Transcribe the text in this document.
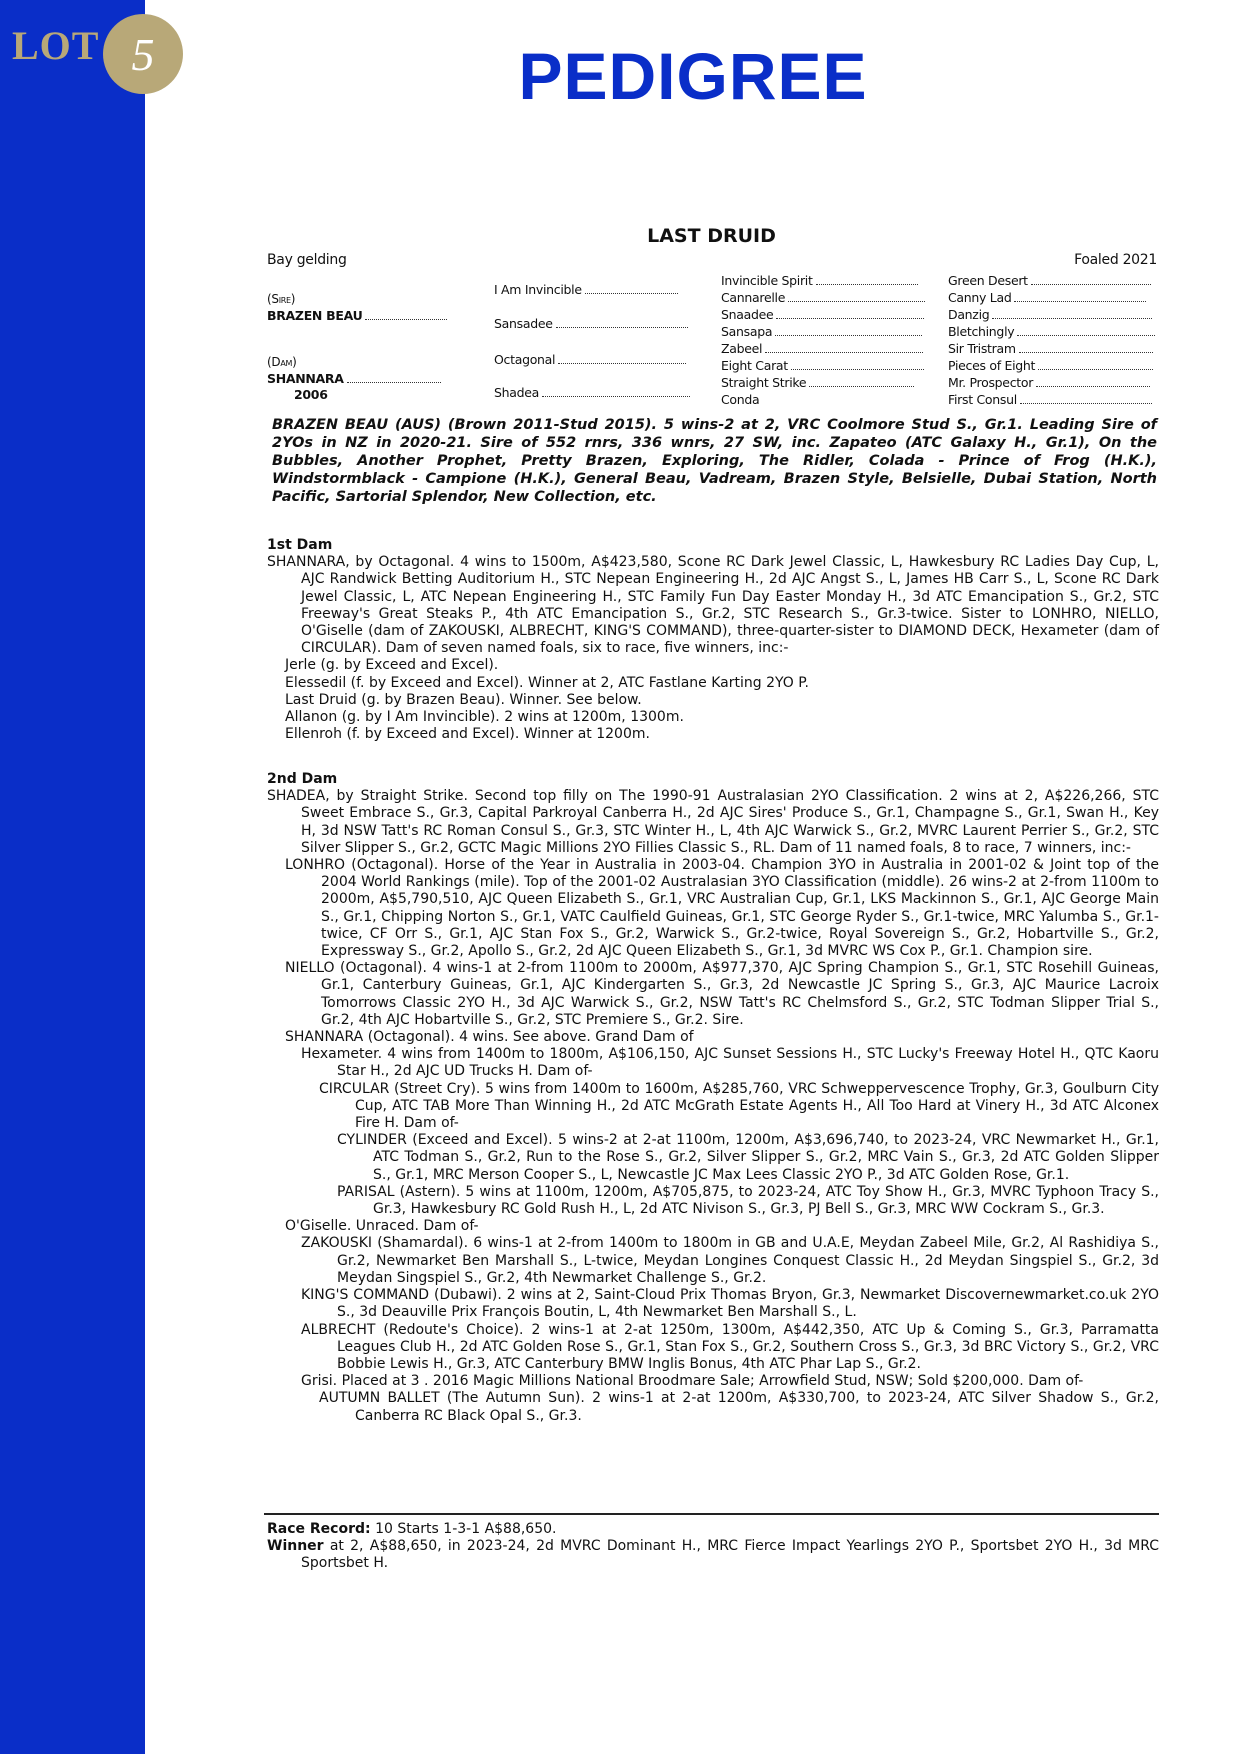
LOT 5	PEDIGREE
LAST DRUID
Bay gelding	Foaled 2021
(Sire)
BRAZEN BEAU
(Dam)
SHANNARA
2006
I Am Invincible
Sansadee
Octagonal
Shadea
Invincible Spirit
Cannarelle
Snaadee
Sansapa
Zabeel
Eight Carat
Straight Strike
Conda
Green Desert
Canny Lad
Danzig
Bletchingly
Sir Tristram
Pieces of Eight
Mr. Prospector
First Consul
BRAZEN BEAU (AUS) (Brown 2011-Stud 2015). 5 wins-2 at 2, VRC Coolmore Stud S., Gr.1. Leading Sire of 2YOs in NZ in 2020-21. Sire of 552 rnrs, 336 wnrs, 27 SW, inc. Zapateo (ATC Galaxy H., Gr.1), On the Bubbles, Another Prophet, Pretty Brazen, Exploring, The Ridler, Colada - Prince of Frog (H.K.), Windstormblack - Campione (H.K.), General Beau, Vadream, Brazen Style, Belsielle, Dubai Station, North Pacific, Sartorial Splendor, New Collection, etc.
1st Dam
SHANNARA, by Octagonal. 4 wins to 1500m, A$423,580, Scone RC Dark Jewel Classic, L, Hawkesbury RC Ladies Day Cup, L, AJC Randwick Betting Auditorium H., STC Nepean Engineering H., 2d AJC Angst S., L, James HB Carr S., L, Scone RC Dark Jewel Classic, L, ATC Nepean Engineering H., STC Family Fun Day Easter Monday H., 3d ATC Emancipation S., Gr.2, STC Freeway's Great Steaks P., 4th ATC Emancipation S., Gr.2, STC Research S., Gr.3-twice. Sister to LONHRO, NIELLO, O'Giselle (dam of ZAKOUSKI, ALBRECHT, KING'S COMMAND), three-quarter-sister to DIAMOND DECK, Hexameter (dam of CIRCULAR). Dam of seven named foals, six to race, five winners, inc:-
Jerle (g. by Exceed and Excel).
Elessedil (f. by Exceed and Excel). Winner at 2, ATC Fastlane Karting 2YO P.
Last Druid (g. by Brazen Beau). Winner. See below.
Allanon (g. by I Am Invincible). 2 wins at 1200m, 1300m.
Ellenroh (f. by Exceed and Excel). Winner at 1200m.
2nd Dam
SHADEA, by Straight Strike. Second top filly on The 1990-91 Australasian 2YO Classification. 2 wins at 2, A$226,266, STC Sweet Embrace S., Gr.3, Capital Parkroyal Canberra H., 2d AJC Sires' Produce S., Gr.1, Champagne S., Gr.1, Swan H., Key H, 3d NSW Tatt's RC Roman Consul S., Gr.3, STC Winter H., L, 4th AJC Warwick S., Gr.2, MVRC Laurent Perrier S., Gr.2, STC Silver Slipper S., Gr.2, GCTC Magic Millions 2YO Fillies Classic S., RL. Dam of 11 named foals, 8 to race, 7 winners, inc:-
LONHRO (Octagonal). Horse of the Year in Australia in 2003-04. Champion 3YO in Australia in 2001-02 & Joint top of the 2004 World Rankings (mile). Top of the 2001-02 Australasian 3YO Classification (middle). 26 wins-2 at 2-from 1100m to 2000m, A$5,790,510, AJC Queen Elizabeth S., Gr.1, VRC Australian Cup, Gr.1, LKS Mackinnon S., Gr.1, AJC George Main S., Gr.1, Chipping Norton S., Gr.1, VATC Caulfield Guineas, Gr.1, STC George Ryder S., Gr.1-twice, MRC Yalumba S., Gr.1-twice, CF Orr S., Gr.1, AJC Stan Fox S., Gr.2, Warwick S., Gr.2-twice, Royal Sovereign S., Gr.2, Hobartville S., Gr.2, Expressway S., Gr.2, Apollo S., Gr.2, 2d AJC Queen Elizabeth S., Gr.1, 3d MVRC WS Cox P., Gr.1. Champion sire.
NIELLO (Octagonal). 4 wins-1 at 2-from 1100m to 2000m, A$977,370, AJC Spring Champion S., Gr.1, STC Rosehill Guineas, Gr.1, Canterbury Guineas, Gr.1, AJC Kindergarten S., Gr.3, 2d Newcastle JC Spring S., Gr.3, AJC Maurice Lacroix Tomorrows Classic 2YO H., 3d AJC Warwick S., Gr.2, NSW Tatt's RC Chelmsford S., Gr.2, STC Todman Slipper Trial S., Gr.2, 4th AJC Hobartville S., Gr.2, STC Premiere S., Gr.2. Sire.
SHANNARA (Octagonal). 4 wins. See above. Grand Dam of
Hexameter. 4 wins from 1400m to 1800m, A$106,150, AJC Sunset Sessions H., STC Lucky's Freeway Hotel H., QTC Kaoru Star H., 2d AJC UD Trucks H. Dam of-
CIRCULAR (Street Cry). 5 wins from 1400m to 1600m, A$285,760, VRC Schweppervescence Trophy, Gr.3, Goulburn City Cup, ATC TAB More Than Winning H., 2d ATC McGrath Estate Agents H., All Too Hard at Vinery H., 3d ATC Alconex Fire H. Dam of-
CYLINDER (Exceed and Excel). 5 wins-2 at 2-at 1100m, 1200m, A$3,696,740, to 2023-24, VRC Newmarket H., Gr.1, ATC Todman S., Gr.2, Run to the Rose S., Gr.2, Silver Slipper S., Gr.2, MRC Vain S., Gr.3, 2d ATC Golden Slipper S., Gr.1, MRC Merson Cooper S., L, Newcastle JC Max Lees Classic 2YO P., 3d ATC Golden Rose, Gr.1.
PARISAL (Astern). 5 wins at 1100m, 1200m, A$705,875, to 2023-24, ATC Toy Show H., Gr.3, MVRC Typhoon Tracy S., Gr.3, Hawkesbury RC Gold Rush H., L, 2d ATC Nivison S., Gr.3, PJ Bell S., Gr.3, MRC WW Cockram S., Gr.3.
O'Giselle. Unraced. Dam of-
ZAKOUSKI (Shamardal). 6 wins-1 at 2-from 1400m to 1800m in GB and U.A.E, Meydan Zabeel Mile, Gr.2, Al Rashidiya S., Gr.2, Newmarket Ben Marshall S., L-twice, Meydan Longines Conquest Classic H., 2d Meydan Singspiel S., Gr.2, 3d Meydan Singspiel S., Gr.2, 4th Newmarket Challenge S., Gr.2.
KING'S COMMAND (Dubawi). 2 wins at 2, Saint-Cloud Prix Thomas Bryon, Gr.3, Newmarket Discovernewmarket.co.uk 2YO S., 3d Deauville Prix François Boutin, L, 4th Newmarket Ben Marshall S., L.
ALBRECHT (Redoute's Choice). 2 wins-1 at 2-at 1250m, 1300m, A$442,350, ATC Up & Coming S., Gr.3, Parramatta Leagues Club H., 2d ATC Golden Rose S., Gr.1, Stan Fox S., Gr.2, Southern Cross S., Gr.3, 3d BRC Victory S., Gr.2, VRC Bobbie Lewis H., Gr.3, ATC Canterbury BMW Inglis Bonus, 4th ATC Phar Lap S., Gr.2.
Grisi. Placed at 3 . 2016 Magic Millions National Broodmare Sale; Arrowfield Stud, NSW; Sold $200,000. Dam of-
AUTUMN BALLET (The Autumn Sun). 2 wins-1 at 2-at 1200m, A$330,700, to 2023-24, ATC Silver Shadow S., Gr.2, Canberra RC Black Opal S., Gr.3.
Race Record: 10 Starts 1-3-1 A$88,650.
Winner at 2, A$88,650, in 2023-24, 2d MVRC Dominant H., MRC Fierce Impact Yearlings 2YO P., Sportsbet 2YO H., 3d MRC Sportsbet H.
